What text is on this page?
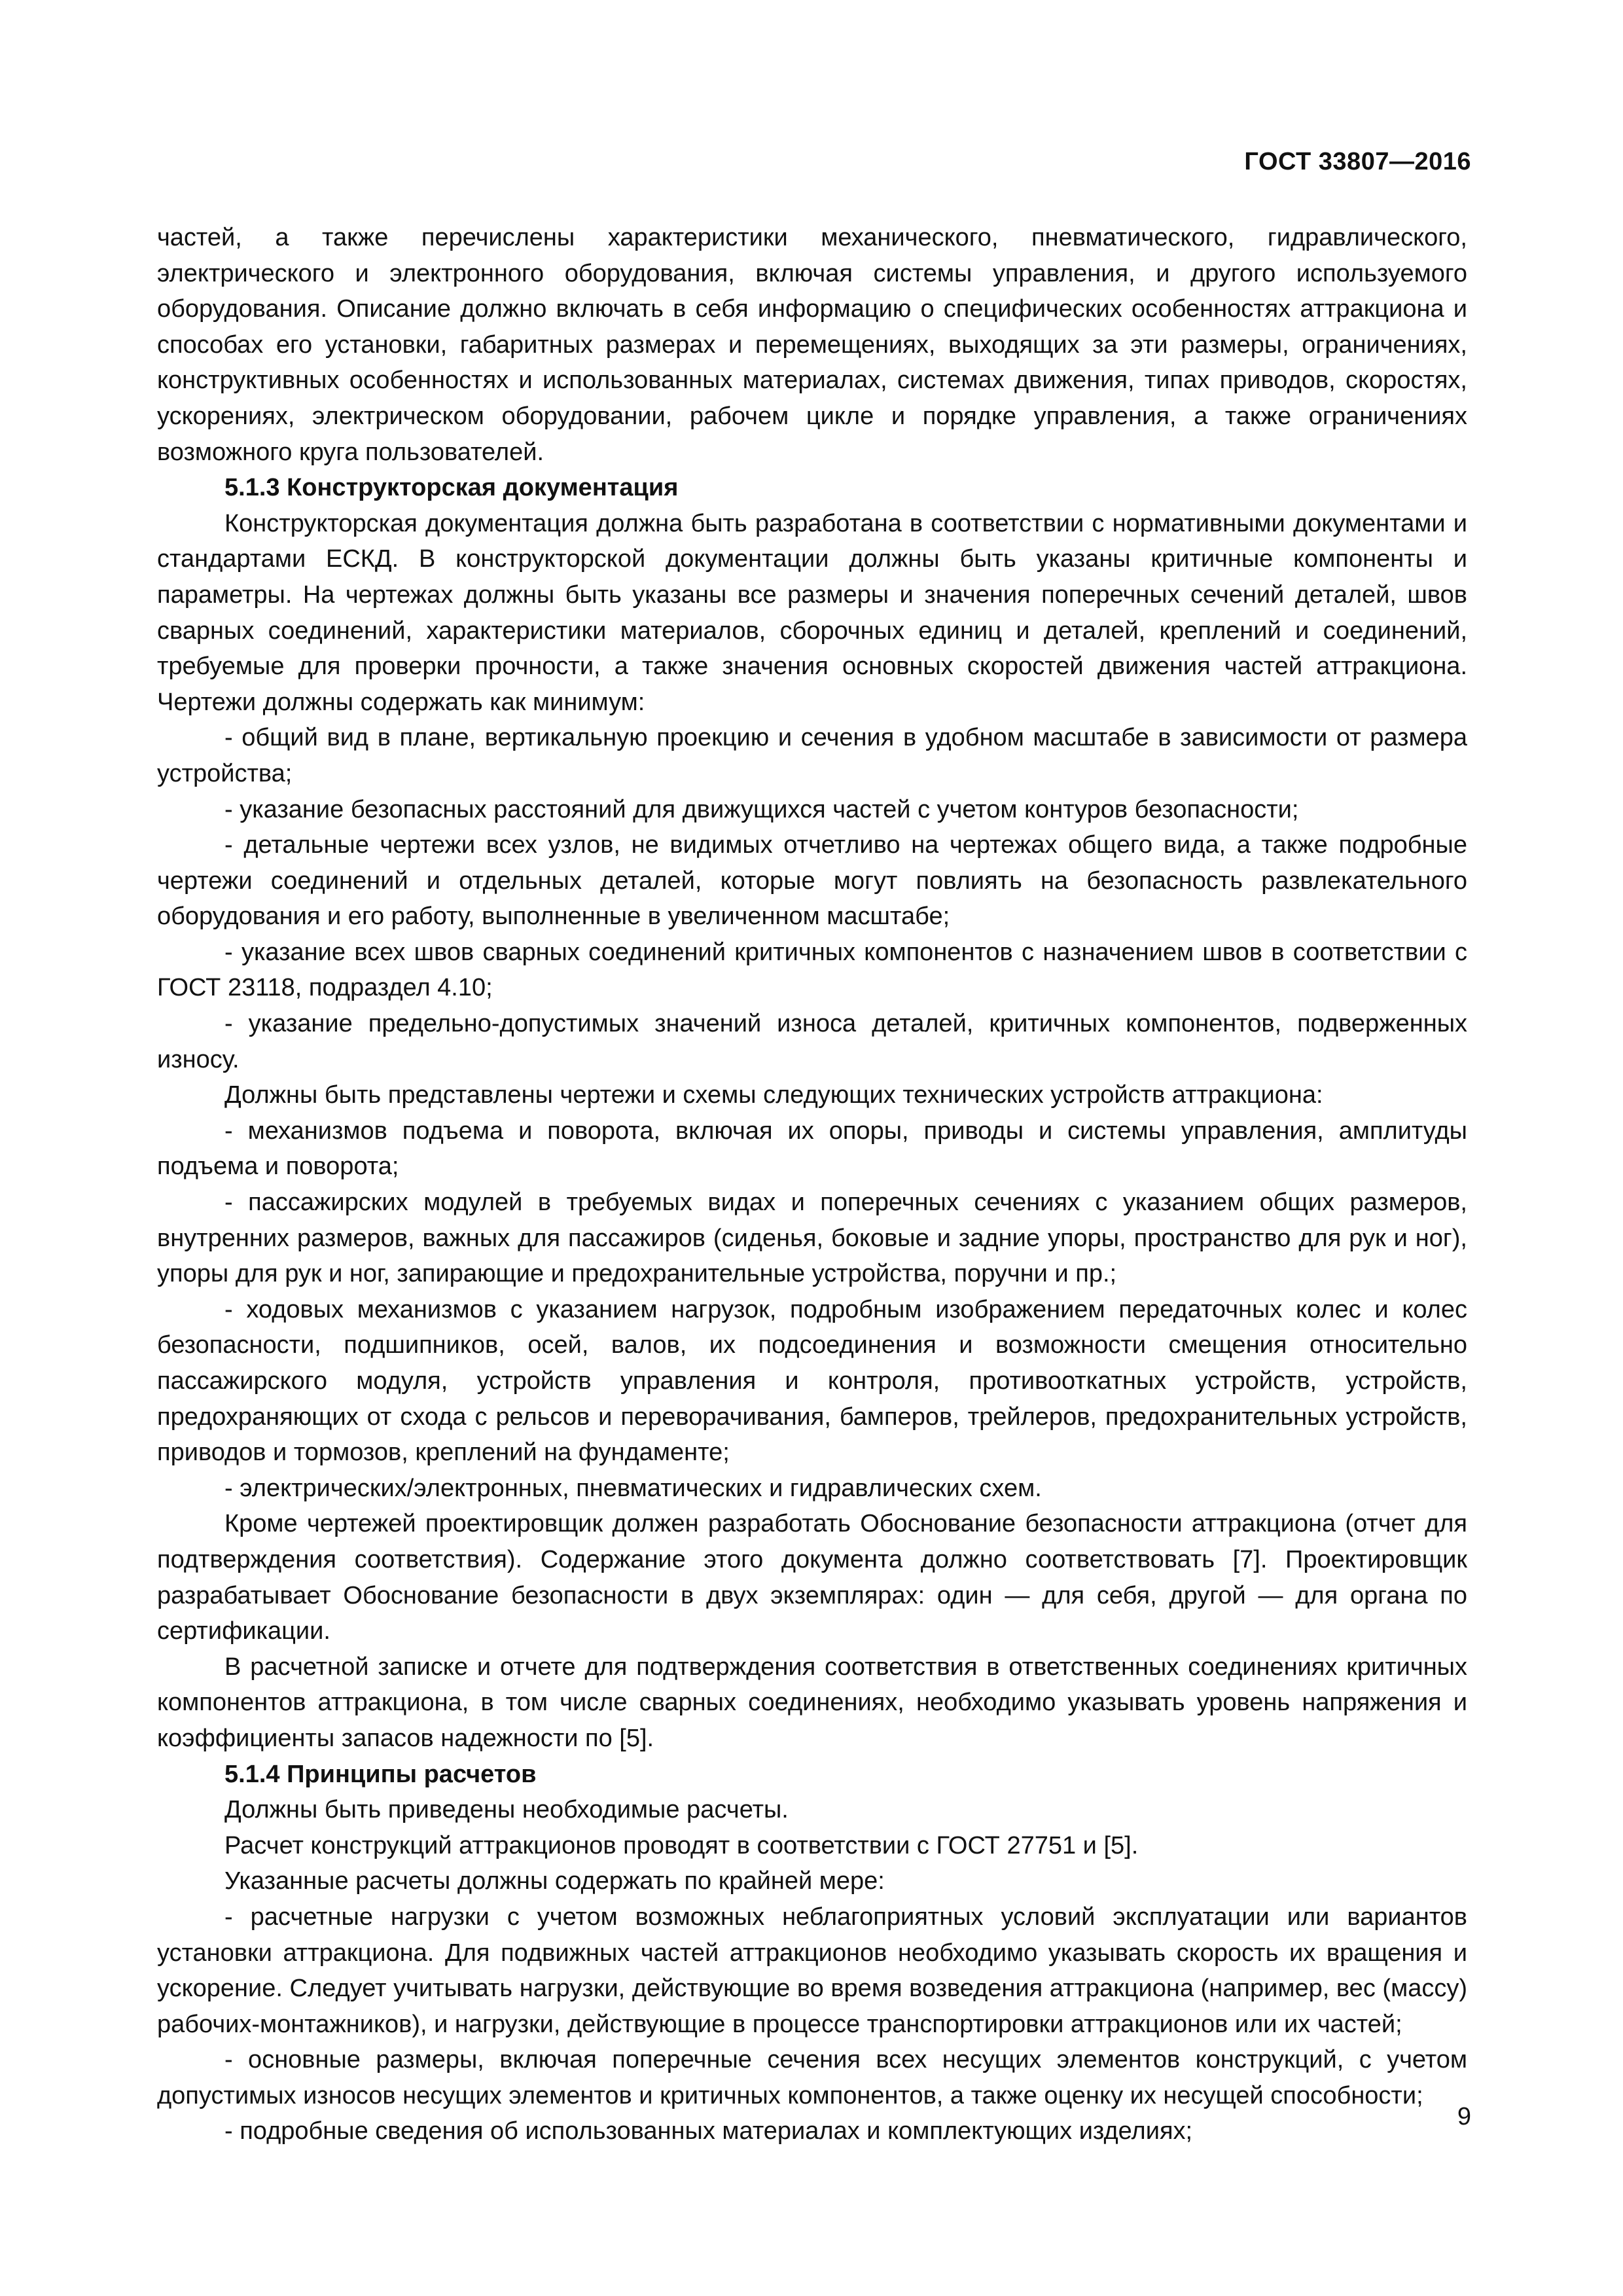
ГОСТ 33807—2016

частей, а также перечислены характеристики механического, пневматического, гидравлического, электрического и электронного оборудования, включая системы управления, и другого используемого оборудования. Описание должно включать в себя информацию о специфических особенностях аттракциона и способах его установки, габаритных размерах и перемещениях, выходящих за эти размеры, ограничениях, конструктивных особенностях и использованных материалах, системах движения, типах приводов, скоростях, ускорениях, электрическом оборудовании, рабочем цикле и порядке управления, а также ограничениях возможного круга пользователей.

5.1.3 Конструкторская документация

Конструкторская документация должна быть разработана в соответствии с нормативными документами и стандартами ЕСКД. В конструкторской документации должны быть указаны критичные компоненты и параметры. На чертежах должны быть указаны все размеры и значения поперечных сечений деталей, швов сварных соединений, характеристики материалов, сборочных единиц и деталей, креплений и соединений, требуемые для проверки прочности, а также значения основных скоростей движения частей аттракциона. Чертежи должны содержать как минимум:

- общий вид в плане, вертикальную проекцию и сечения в удобном масштабе в зависимости от размера устройства;

- указание безопасных расстояний для движущихся частей с учетом контуров безопасности;

- детальные чертежи всех узлов, не видимых отчетливо на чертежах общего вида, а также подробные чертежи соединений и отдельных деталей, которые могут повлиять на безопасность развлекательного оборудования и его работу, выполненные в увеличенном масштабе;

- указание всех швов сварных соединений критичных компонентов с назначением швов в соответствии с ГОСТ 23118, подраздел 4.10;

- указание предельно-допустимых значений износа деталей, критичных компонентов, подверженных износу.

Должны быть представлены чертежи и схемы следующих технических устройств аттракциона:

- механизмов подъема и поворота, включая их опоры, приводы и системы управления, амплитуды подъема и поворота;

- пассажирских модулей в требуемых видах и поперечных сечениях с указанием общих размеров, внутренних размеров, важных для пассажиров (сиденья, боковые и задние упоры, пространство для рук и ног), упоры для рук и ног, запирающие и предохранительные устройства, поручни и пр.;

- ходовых механизмов с указанием нагрузок, подробным изображением передаточных колес и колес безопасности, подшипников, осей, валов, их подсоединения и возможности смещения относительно пассажирского модуля, устройств управления и контроля, противооткатных устройств, устройств, предохраняющих от схода с рельсов и переворачивания, бамперов, трейлеров, предохранительных устройств, приводов и тормозов, креплений на фундаменте;

- электрических/электронных, пневматических и гидравлических схем.

Кроме чертежей проектировщик должен разработать Обоснование безопасности аттракциона (отчет для подтверждения соответствия). Содержание этого документа должно соответствовать [7]. Проектировщик разрабатывает Обоснование безопасности в двух экземплярах: один — для себя, другой — для органа по сертификации.

В расчетной записке и отчете для подтверждения соответствия в ответственных соединениях критичных компонентов аттракциона, в том числе сварных соединениях, необходимо указывать уровень напряжения и коэффициенты запасов надежности по [5].

5.1.4 Принципы расчетов

Должны быть приведены необходимые расчеты.

Расчет конструкций аттракционов проводят в соответствии с ГОСТ 27751 и [5].

Указанные расчеты должны содержать по крайней мере:

- расчетные нагрузки с учетом возможных неблагоприятных условий эксплуатации или вариантов установки аттракциона. Для подвижных частей аттракционов необходимо указывать скорость их вращения и ускорение. Следует учитывать нагрузки, действующие во время возведения аттракциона (например, вес (массу) рабочих-монтажников), и нагрузки, действующие в процессе транспортировки аттракционов или их частей;

- основные размеры, включая поперечные сечения всех несущих элементов конструкций, с учетом допустимых износов несущих элементов и критичных компонентов, а также оценку их несущей способности;

- подробные сведения об использованных материалах и комплектующих изделиях;

9
